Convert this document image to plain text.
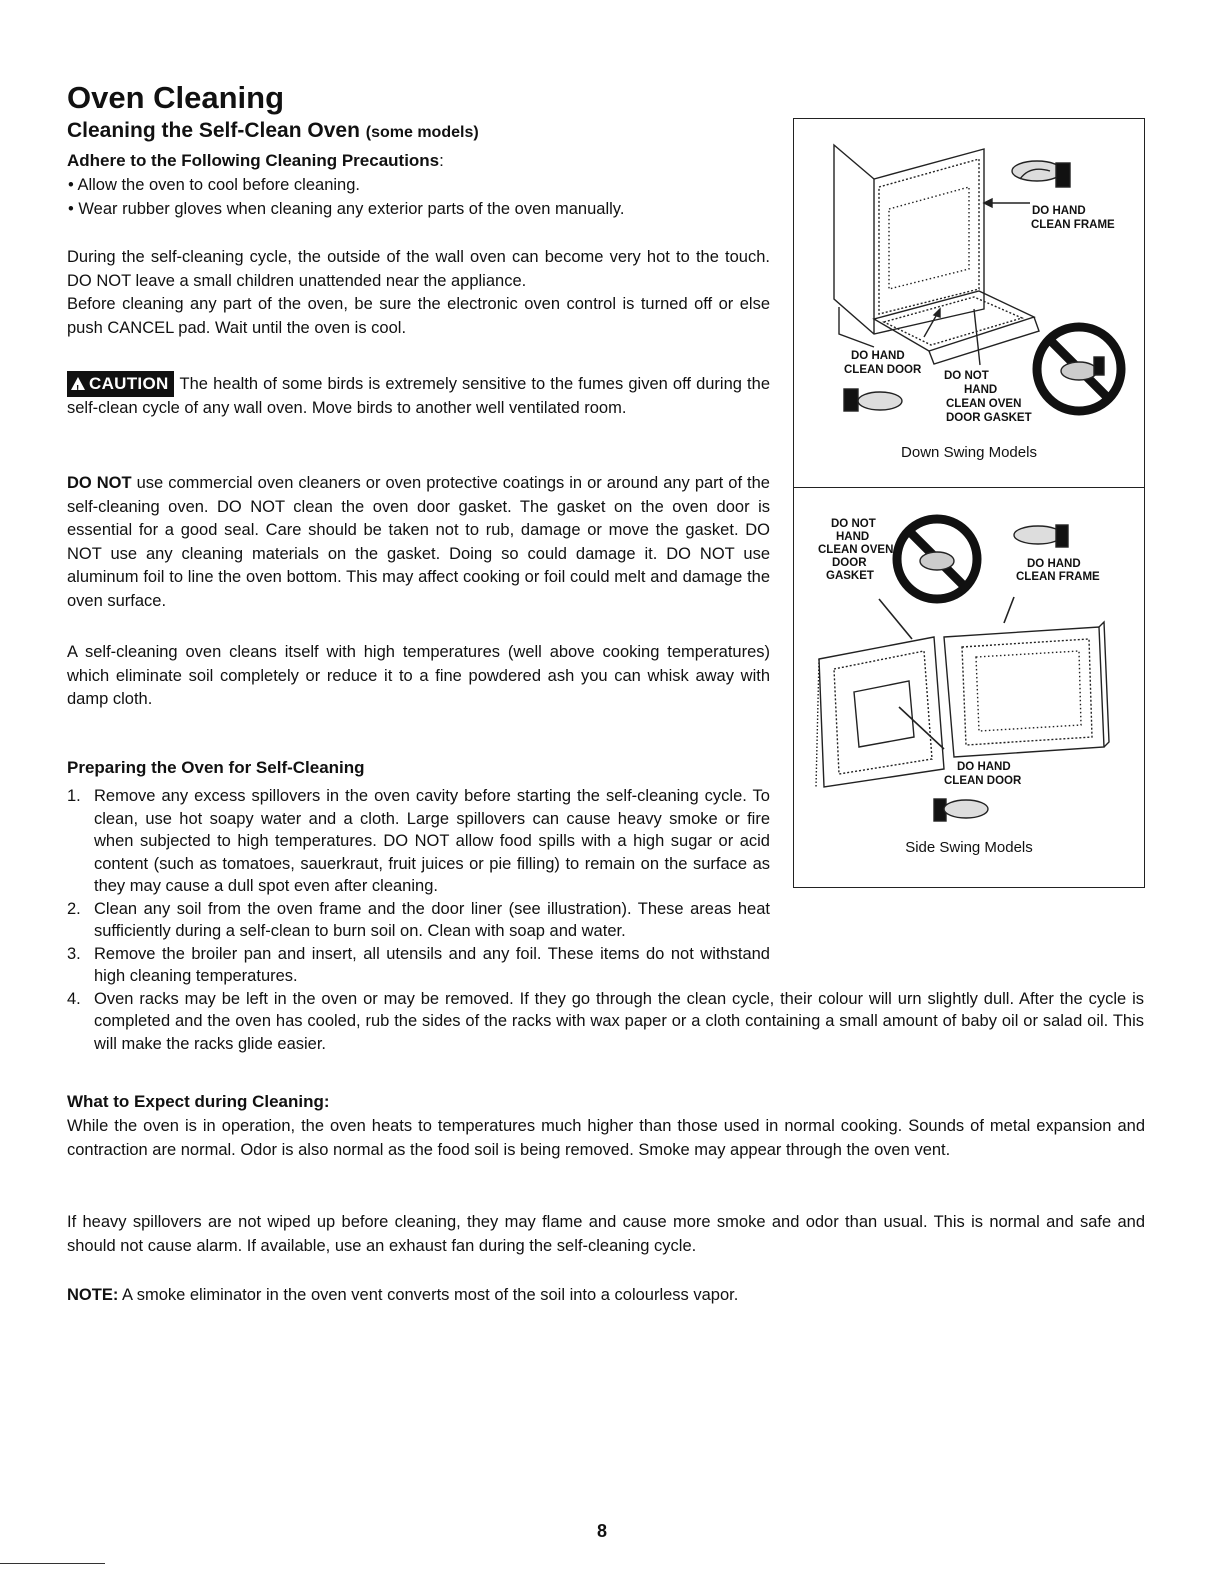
Oven Cleaning
Cleaning the Self-Clean Oven (some models)
Adhere to the Following Cleaning Precautions:
• Allow the oven to cool before cleaning.
• Wear rubber gloves when cleaning any exterior parts of the oven manually.

During the self-cleaning cycle, the outside of the wall oven can become very hot to the touch. DO NOT leave a small children unattended near the appliance.

Before cleaning any part of the oven, be sure the electronic oven control is turned off or else push CANCEL pad. Wait until the oven is cool.

!CAUTION The health of some birds is extremely sensitive to the fumes given off during the self-clean cycle of any wall oven. Move birds to another well ventilated room.

DO NOT use commercial oven cleaners or oven protective coatings in or around any part of the self-cleaning oven. DO NOT clean the oven door gasket. The gasket on the oven door is essential for a good seal. Care should be taken not to rub, damage or move the gasket. DO NOT use any cleaning materials on the gasket. Doing so could damage it. DO NOT use aluminum foil to line the oven bottom. This may affect cooking or foil could melt and damage the oven surface.

A self-cleaning oven cleans itself with high temperatures (well above cooking temperatures) which eliminate soil completely or reduce it to a fine powdered ash you can whisk away with damp cloth.

Preparing the Oven for Self-Cleaning
1. Remove any excess spillovers in the oven cavity before starting the self-cleaning cycle. To clean, use hot soapy water and a cloth. Large spillovers can cause heavy smoke or fire when subjected to high temperatures. DO NOT allow food spills with a high sugar or acid content (such as tomatoes, sauerkraut, fruit juices or pie filling) to remain on the surface as they may cause a dull spot even after cleaning.
2. Clean any soil from the oven frame and the door liner (see illustration). These areas heat sufficiently during a self-clean to burn soil on. Clean with soap and water.
3. Remove the broiler pan and insert, all utensils and any foil. These items do not withstand high cleaning temperatures.
4. Oven racks may be left in the oven or may be removed. If they go through the clean cycle, their colour will urn slightly dull. After the cycle is completed and the oven has cooled, rub the sides of the racks with wax paper or a cloth containing a small amount of baby oil or salad oil. This will make the racks glide easier.
What to Expect during Cleaning:

While the oven is in operation, the oven heats to temperatures much higher than those used in normal cooking. Sounds of metal expansion and contraction are normal. Odor is also normal as the food soil is being removed. Smoke may appear through the oven vent.

If heavy spillovers are not wiped up before cleaning, they may flame and cause more smoke and odor than usual. This is normal and safe and should not cause alarm. If available, use an exhaust fan during the self-cleaning cycle.

NOTE: A smoke eliminator in the oven vent converts most of the soil into a colourless vapor.

DO HAND
CLEAN FRAME
DO HAND
CLEAN DOOR DO NOT
HAND
CLEAN OVEN
DOOR GASKET
Down Swing Models
DO NOT
HAND
CLEAN OVEN
DOOR
GASKET
DO HAND
CLEAN FRAME
DO HAND
CLEAN DOOR
Side Swing Models
8
